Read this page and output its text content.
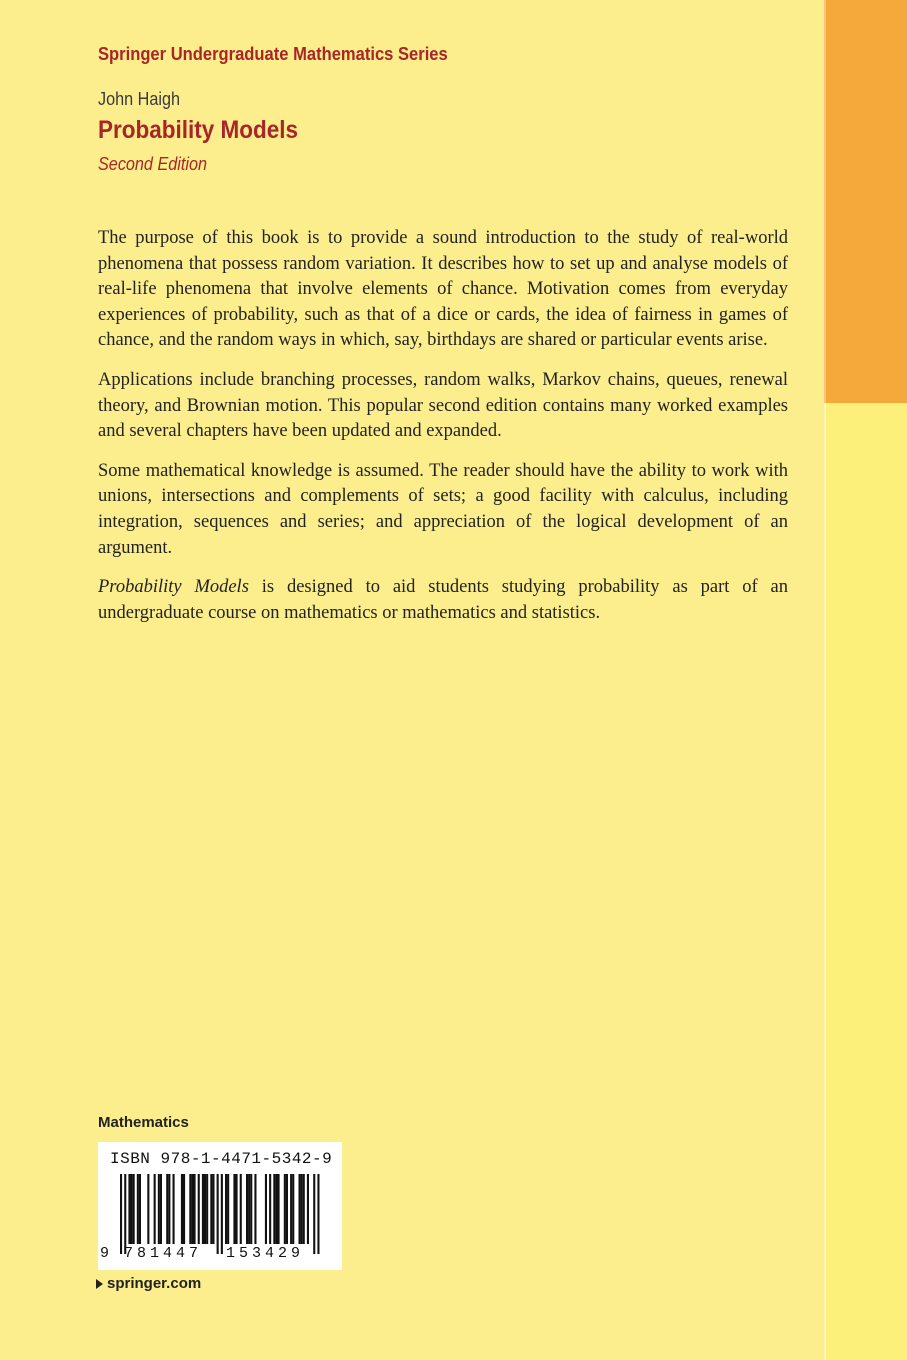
Springer Undergraduate Mathematics Series
John Haigh
Probability Models
Second Edition

The purpose of this book is to provide a sound introduction to the study of real-world phenomena that possess random variation. It describes how to set up and analyse models of real-life phenomena that involve elements of chance. Motivation comes from everyday experiences of probability, such as that of a dice or cards, the idea of fairness in games of chance, and the random ways in which, say, birthdays are shared or particular events arise.

Applications include branching processes, random walks, Markov chains, queues, renewal theory, and Brownian motion. This popular second edition contains many worked examples and several chapters have been updated and expanded.

Some mathematical knowledge is assumed. The reader should have the ability to work with unions, intersections and complements of sets; a good facility with calculus, including integration, sequences and series; and appreciation of the logical development of an argument.

Probability Models is designed to aid students studying probability as part of an undergraduate course on mathematics or mathematics and statistics.

Mathematics
ISBN 978-1-4471-5342-9
9 781447 153429
springer.com
